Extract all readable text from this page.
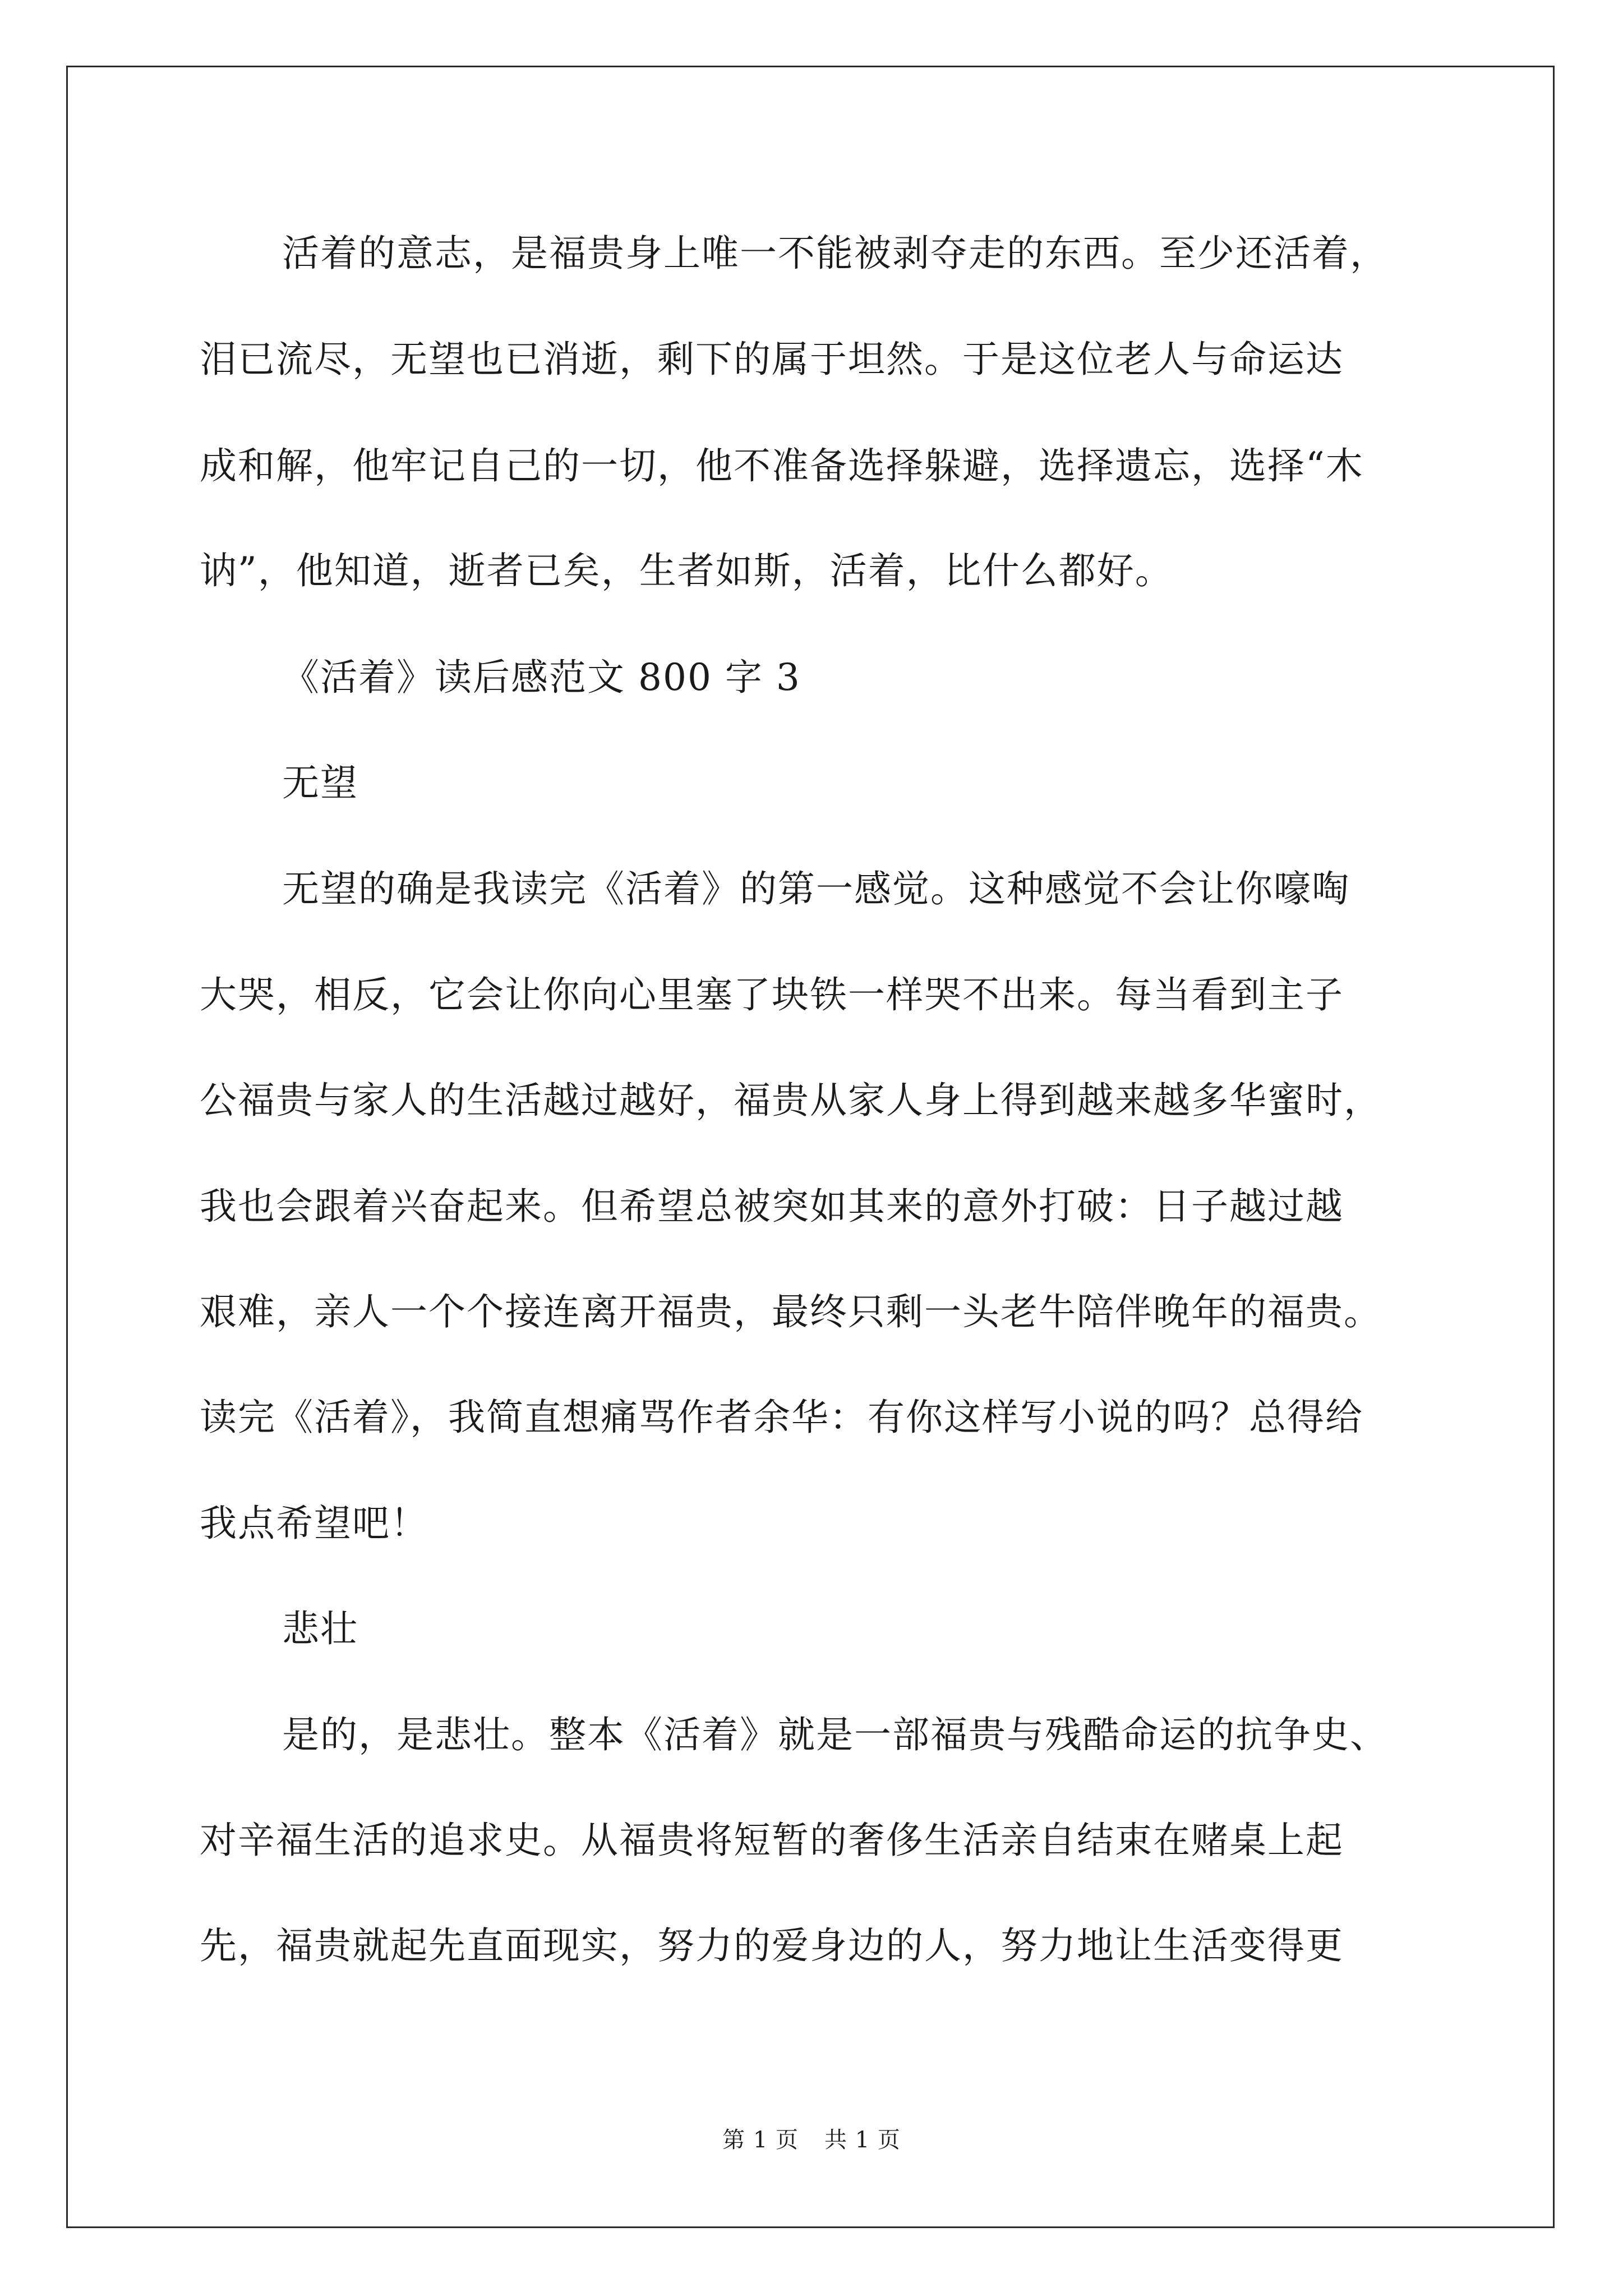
活着的意志，是福贵身上唯一不能被剥夺走的东西。至少还活着，

泪已流尽，无望也已消逝，剩下的属于坦然。于是这位老人与命运达

成和解，他牢记自己的一切，他不准备选择躲避，选择遗忘，选择“木

讷”，他知道，逝者已矣，生者如斯，活着，比什么都好。

《活着》读后感范文 800 字 3

无望

无望的确是我读完《活着》的第一感觉。这种感觉不会让你嚎啕

大哭，相反，它会让你向心里塞了块铁一样哭不出来。每当看到主子

公福贵与家人的生活越过越好，福贵从家人身上得到越来越多华蜜时，

我也会跟着兴奋起来。但希望总被突如其来的意外打破：日子越过越

艰难，亲人一个个接连离开福贵，最终只剩一头老牛陪伴晚年的福贵。

读完《活着》，我简直想痛骂作者余华：有你这样写小说的吗？总得给

我点希望吧！

悲壮

是的，是悲壮。整本《活着》就是一部福贵与残酷命运的抗争史、

对辛福生活的追求史。从福贵将短暂的奢侈生活亲自结束在赌桌上起

先，福贵就起先直面现实，努力的爱身边的人，努力地让生活变得更

第 1 页 共 1 页
